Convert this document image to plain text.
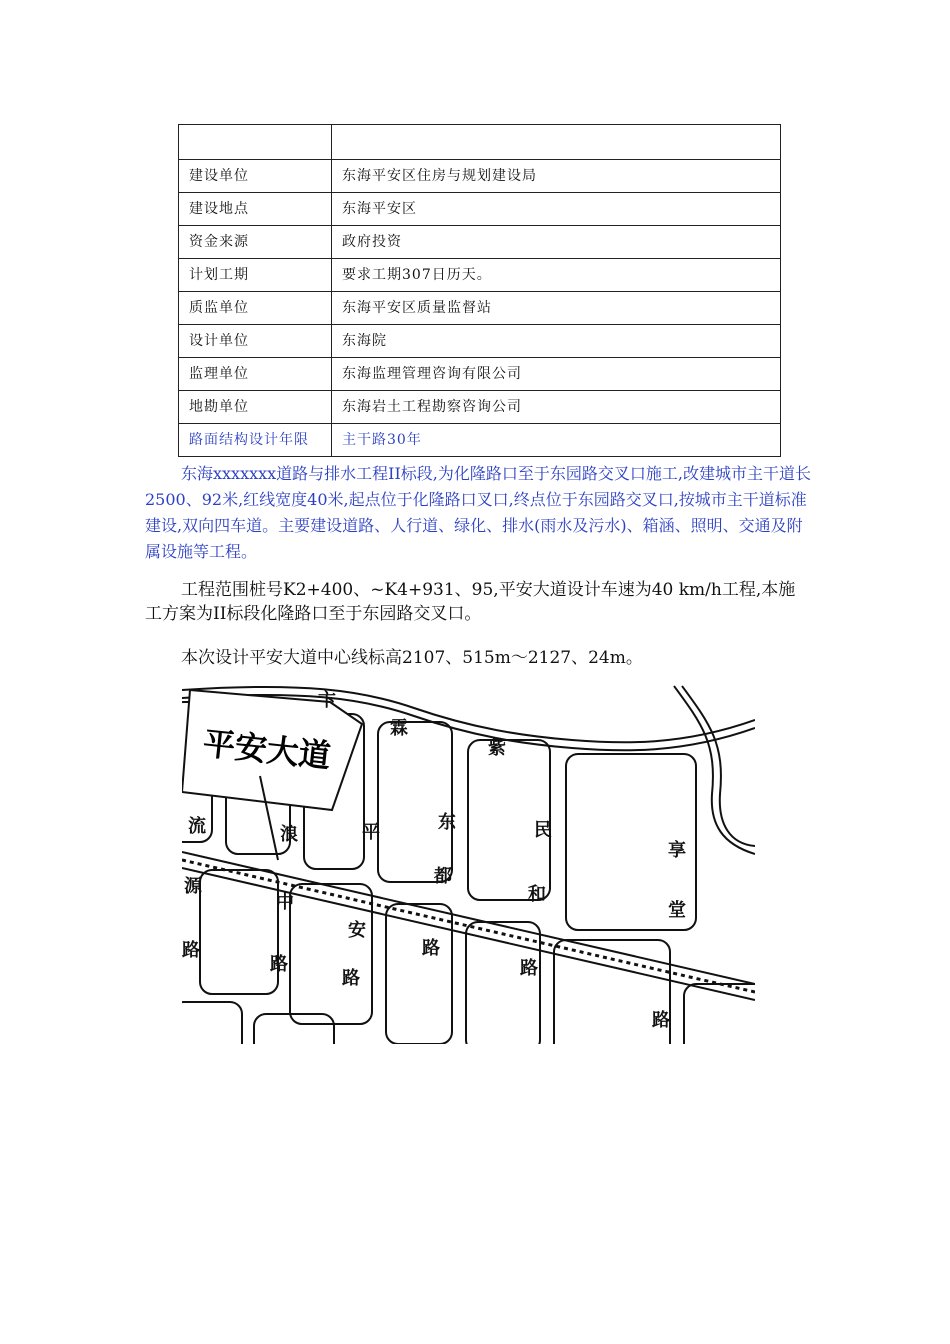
建设单位	东海平安区住房与规划建设局
建设地点	东海平安区
资金来源	政府投资
计划工期	要求工期307日历天。
质监单位	东海平安区质量监督站
设计单位	东海院
监理单位	东海监理管理咨询有限公司
地勘单位	东海岩土工程勘察咨询公司
路面结构设计年限	主干路30年

东海xxxxxxx道路与排水工程II标段,为化隆路口至于东园路交叉口施工,改建城市主干道长2500、92米,红线宽度40米,起点位于化隆路口叉口,终点位于东园路交叉口,按城市主干道标准建设,双向四车道。主要建设道路、人行道、绿化、排水(雨水及污水)、箱涵、照明、交通及附属设施等工程。

工程范围桩号K2+400、~K4+931、95,平安大道设计车速为40 km/h工程,本施工方案为II标段化隆路口至于东园路交叉口。

本次设计平安大道中心线标高2107、515m～2127、24m。

平安大道
卞
霖
紫
流
源
路
浪
中
路
平
安
路
东
都
路
民
和
路
享
堂
路
